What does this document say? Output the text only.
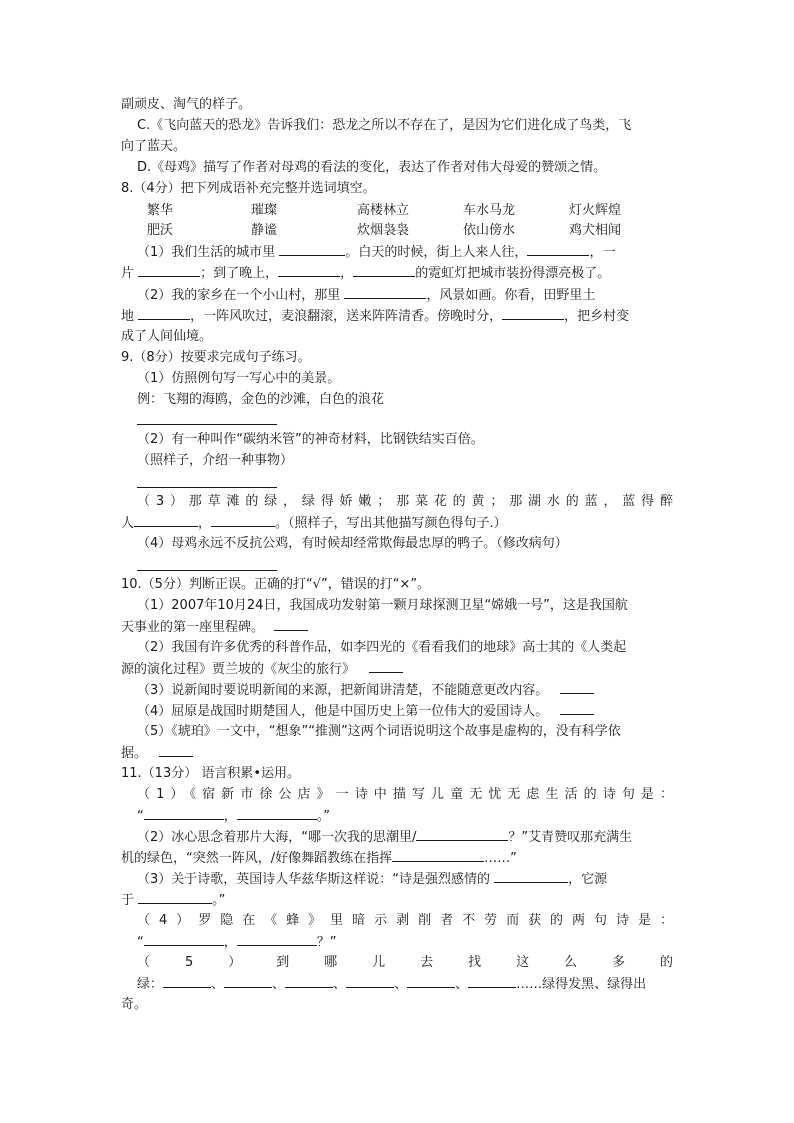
副顽皮、淘气的样子。
C.《飞向蓝天的恐龙》告诉我们：恐龙之所以不存在了，是因为它们进化成了鸟类，飞
向了蓝天。
D.《母鸡》描写了作者对母鸡的看法的变化，表达了作者对伟大母爱的赞颂之情。
8.（4分）把下列成语补充完整并选词填空。
繁华	璀璨	高楼林立	车水马龙	灯火辉煌
肥沃	静谧	炊烟袅袅	依山傍水	鸡犬相闻
（1）我们生活的城市里	。白天的时候，街上人来人往，	，一
片	；到了晚上，	，	的霓虹灯把城市装扮得漂亮极了。
（2）我的家乡在一个小山村，那里	，风景如画。你看，田野里土
地	，一阵风吹过，麦浪翻滚，送来阵阵清香。傍晚时分，	，把乡村变
成了人间仙境。
9.（8分）按要求完成句子练习。
（1）仿照例句写一写心中的美景。
例：飞翔的海鸥，金色的沙滩，白色的浪花
（2）有一种叫作“碳纳米管”的神奇材料，比钢铁结实百倍。
（照样子，介绍一种事物）
（3）那草滩的绿，绿得娇嫩；那菜花的黄；那湖水的蓝，蓝得醉
人	，	。（照样子，写出其他描写颜色得句子.）
（4）母鸡永远不反抗公鸡，有时候却经常欺侮最忠厚的鸭子。（修改病句）
10.（5分）判断正误。正确的打“√”，错误的打“×”。
（1）2007年10月24日，我国成功发射第一颗月球探测卫星“嫦娥一号”，这是我国航
天事业的第一座里程碑。
（2）我国有许多优秀的科普作品，如李四光的《看看我们的地球》高士其的《人类起
源的演化过程》贾兰坡的《灰尘的旅行》
（3）说新闻时要说明新闻的来源，把新闻讲清楚，不能随意更改内容。
（4）屈原是战国时期楚国人，他是中国历史上第一位伟大的爱国诗人。
（5）《琥珀》一文中，“想象”“推测”这两个词语说明这个故事是虚构的，没有科学依
据。
11.（13分） 语言积累•运用。
（1）《宿新市徐公店》一诗中描写儿童无忧无虑生活的诗句是：
“	，	。”
（2）冰心思念着那片大海，“哪一次我的思潮里/	？”艾青赞叹那充满生
机的绿色，“突然一阵风，/好像舞蹈教练在指挥	……”
（3）关于诗歌，英国诗人华兹华斯这样说：“诗是强烈感情的	，它源
于	。”
（4）罗隐在《蜂》里暗示剥削者不劳而获的两句诗是：
“	，	？”
（5）到哪儿去找这么多的
绿：	、	、	、	、	、	……绿得发黑、绿得出
奇。
